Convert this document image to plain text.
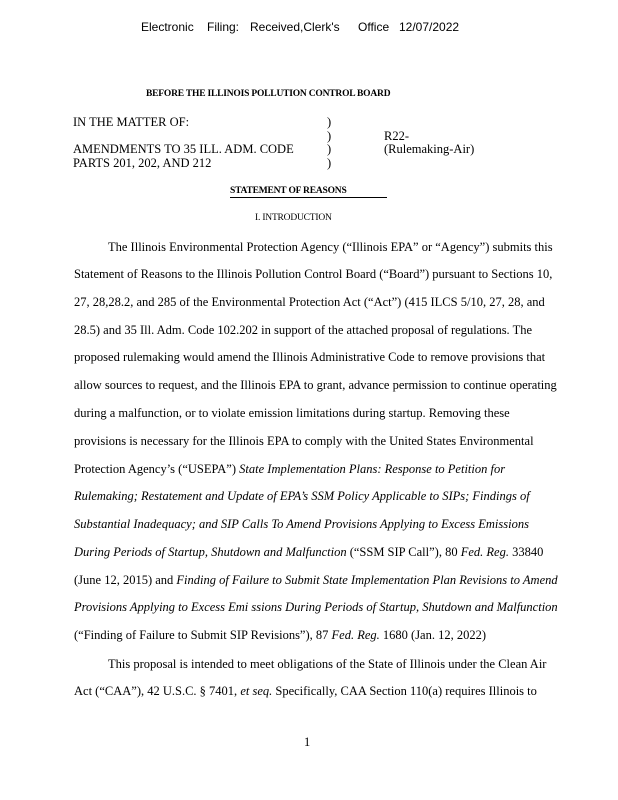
Electronic Filing: Received,Clerk's Office 12/07/2022
BEFORE THE ILLINOIS POLLUTION CONTROL BOARD
IN THE MATTER OF:
AMENDMENTS TO 35 ILL. ADM. CODE
PARTS 201, 202, AND 212
)
)
)
)
R22-
(Rulemaking-Air)
STATEMENT OF REASONS
I. INTRODUCTION
The Illinois Environmental Protection Agency (“Illinois EPA” or “Agency”) submits this
Statement of Reasons to the Illinois Pollution Control Board (“Board”) pursuant to Sections 10,
27, 28,28.2, and 285 of the Environmental Protection Act (“Act”) (415 ILCS 5/10, 27, 28, and
28.5) and 35 Ill. Adm. Code 102.202 in support of the attached proposal of regulations. The
proposed rulemaking would amend the Illinois Administrative Code to remove provisions that
allow sources to request, and the Illinois EPA to grant, advance permission to continue operating
during a malfunction, or to violate emission limitations during startup. Removing these
provisions is necessary for the Illinois EPA to comply with the United States Environmental
Protection Agency’s (“USEPA”) State Implementation Plans: Response to Petition for
Rulemaking; Restatement and Update of EPA’s SSM Policy Applicable to SIPs; Findings of
Substantial Inadequacy; and SIP Calls To Amend Provisions Applying to Excess Emissions
During Periods of Startup, Shutdown and Malfunction (“SSM SIP Call”), 80 Fed. Reg. 33840
(June 12, 2015) and Finding of Failure to Submit State Implementation Plan Revisions to Amend
Provisions Applying to Excess Emi ssions During Periods of Startup, Shutdown and Malfunction
(“Finding of Failure to Submit SIP Revisions”), 87 Fed. Reg. 1680 (Jan. 12, 2022)
This proposal is intended to meet obligations of the State of Illinois under the Clean Air
Act (“CAA”), 42 U.S.C. § 7401, et seq. Specifically, CAA Section 110(a) requires Illinois to
1
